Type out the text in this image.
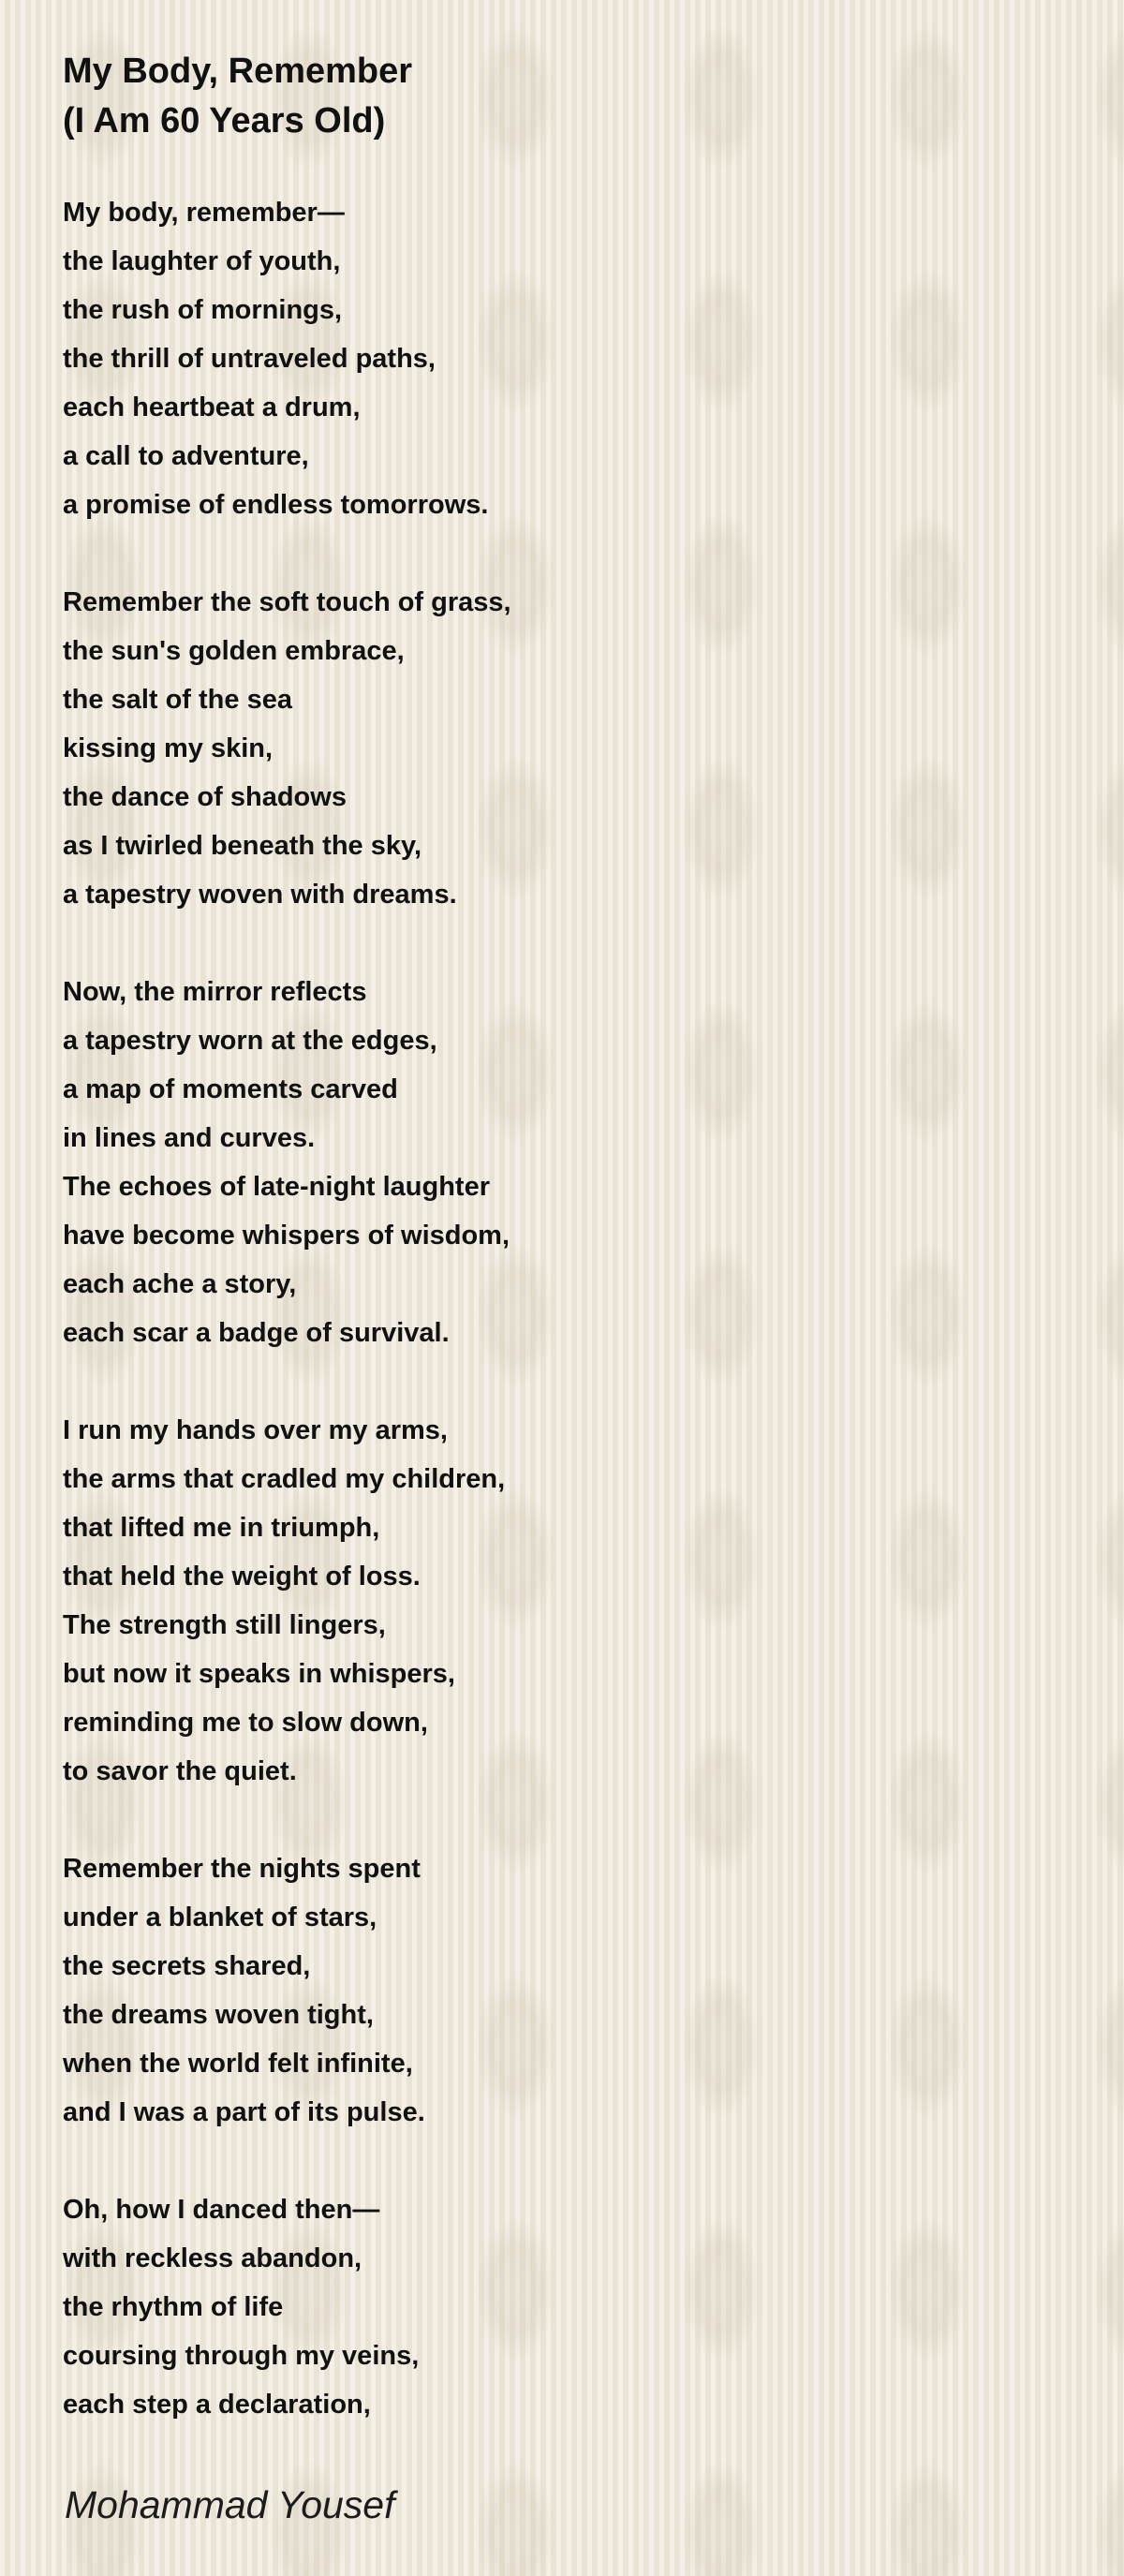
My Body, Remember
(I Am 60 Years Old)
My body, remember—
the laughter of youth,
the rush of mornings,
the thrill of untraveled paths,
each heartbeat a drum,
a call to adventure,
a promise of endless tomorrows.
Remember the soft touch of grass,
the sun's golden embrace,
the salt of the sea
kissing my skin,
the dance of shadows
as I twirled beneath the sky,
a tapestry woven with dreams.
Now, the mirror reflects
a tapestry worn at the edges,
a map of moments carved
in lines and curves.
The echoes of late-night laughter
have become whispers of wisdom,
each ache a story,
each scar a badge of survival.
I run my hands over my arms,
the arms that cradled my children,
that lifted me in triumph,
that held the weight of loss.
The strength still lingers,
but now it speaks in whispers,
reminding me to slow down,
to savor the quiet.
Remember the nights spent
under a blanket of stars,
the secrets shared,
the dreams woven tight,
when the world felt infinite,
and I was a part of its pulse.
Oh, how I danced then—
with reckless abandon,
the rhythm of life
coursing through my veins,
each step a declaration,

Mohammad Yousef
